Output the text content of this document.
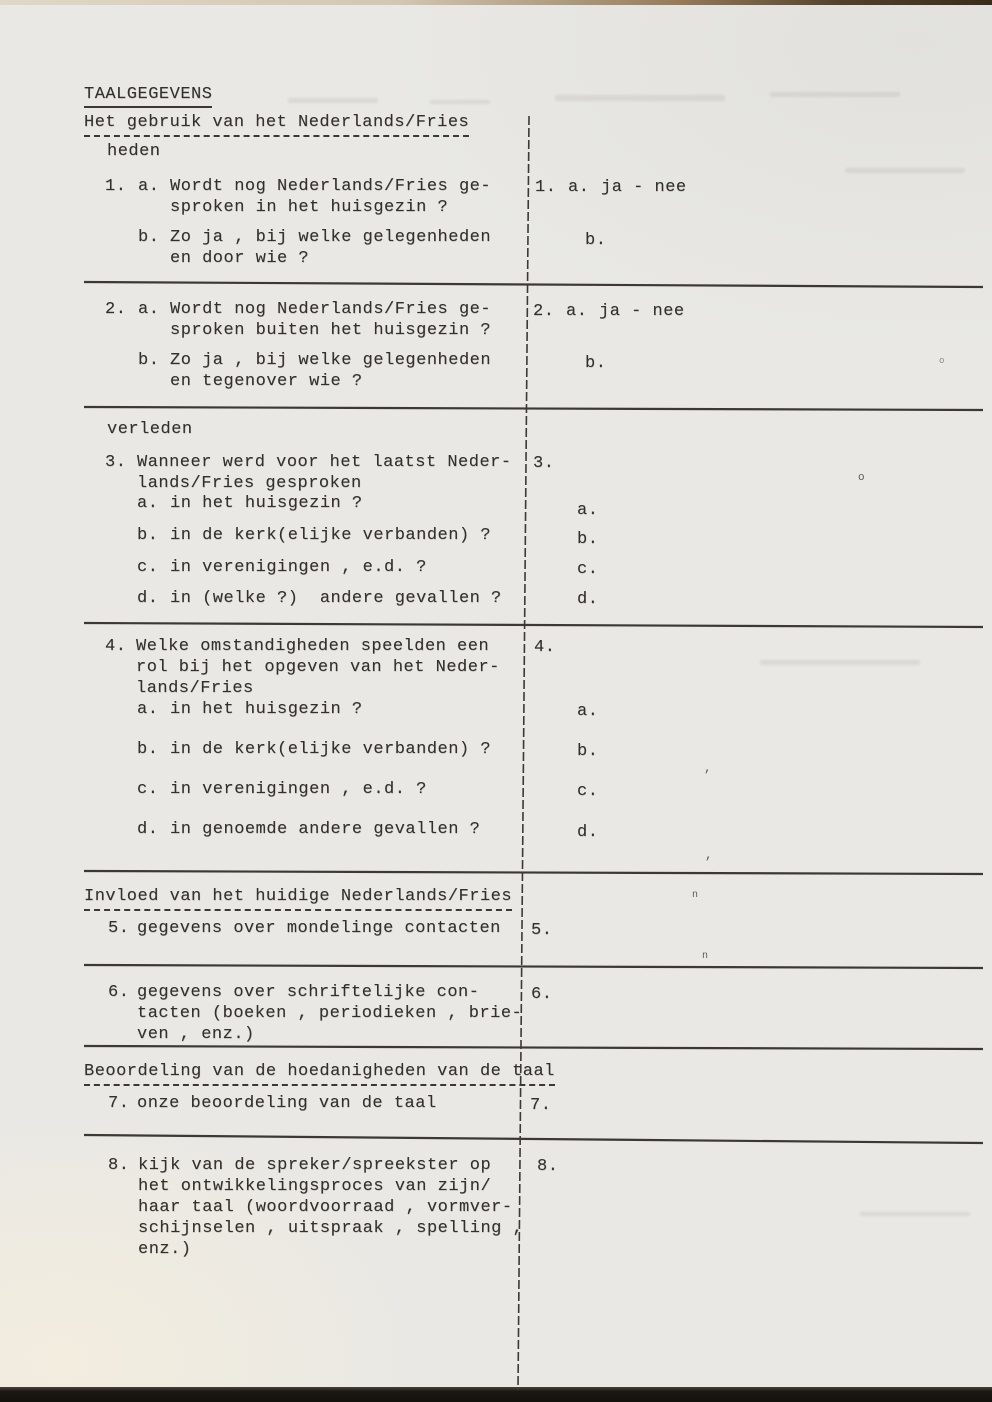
TAALGEGEVENS
Het gebruik van het Nederlands/Fries
heden
1. a. Wordt nog Nederlands/Fries ge-
sproken in het huisgezin ?
b. Zo ja , bij welke gelegenheden
en door wie ?
1. a. ja - nee
b.
2. a. Wordt nog Nederlands/Fries ge-
sproken buiten het huisgezin ?
b. Zo ja , bij welke gelegenheden
en tegenover wie ?
2. a. ja - nee
b.
verleden
3. Wanneer werd voor het laatst Neder-
lands/Fries gesproken
a. in het huisgezin ?
b. in de kerk(elijke verbanden) ?
c. in verenigingen , e.d. ?
d. in (welke ?)  andere gevallen ?
3.
a.
b.
c.
d.
4. Welke omstandigheden speelden een
rol bij het opgeven van het Neder-
lands/Fries
a. in het huisgezin ?
b. in de kerk(elijke verbanden) ?
c. in verenigingen , e.d. ?
d. in genoemde andere gevallen ?
4.
a.
b.
c.
d.
Invloed van het huidige Nederlands/Fries
5. gegevens over mondelinge contacten 5.
6. gegevens over schriftelijke con-
tacten (boeken , periodieken , brie-
ven , enz.)
6.
Beoordeling van de hoedanigheden van de taal
7. onze beoordeling van de taal	7.
8. kijk van de spreker/spreekster op
het ontwikkelingsproces van zijn/
haar taal (woordvoorraad , vormver-
schijnselen , uitspraak , spelling ,
enz.)
8.
o
o
’
’
n
n
